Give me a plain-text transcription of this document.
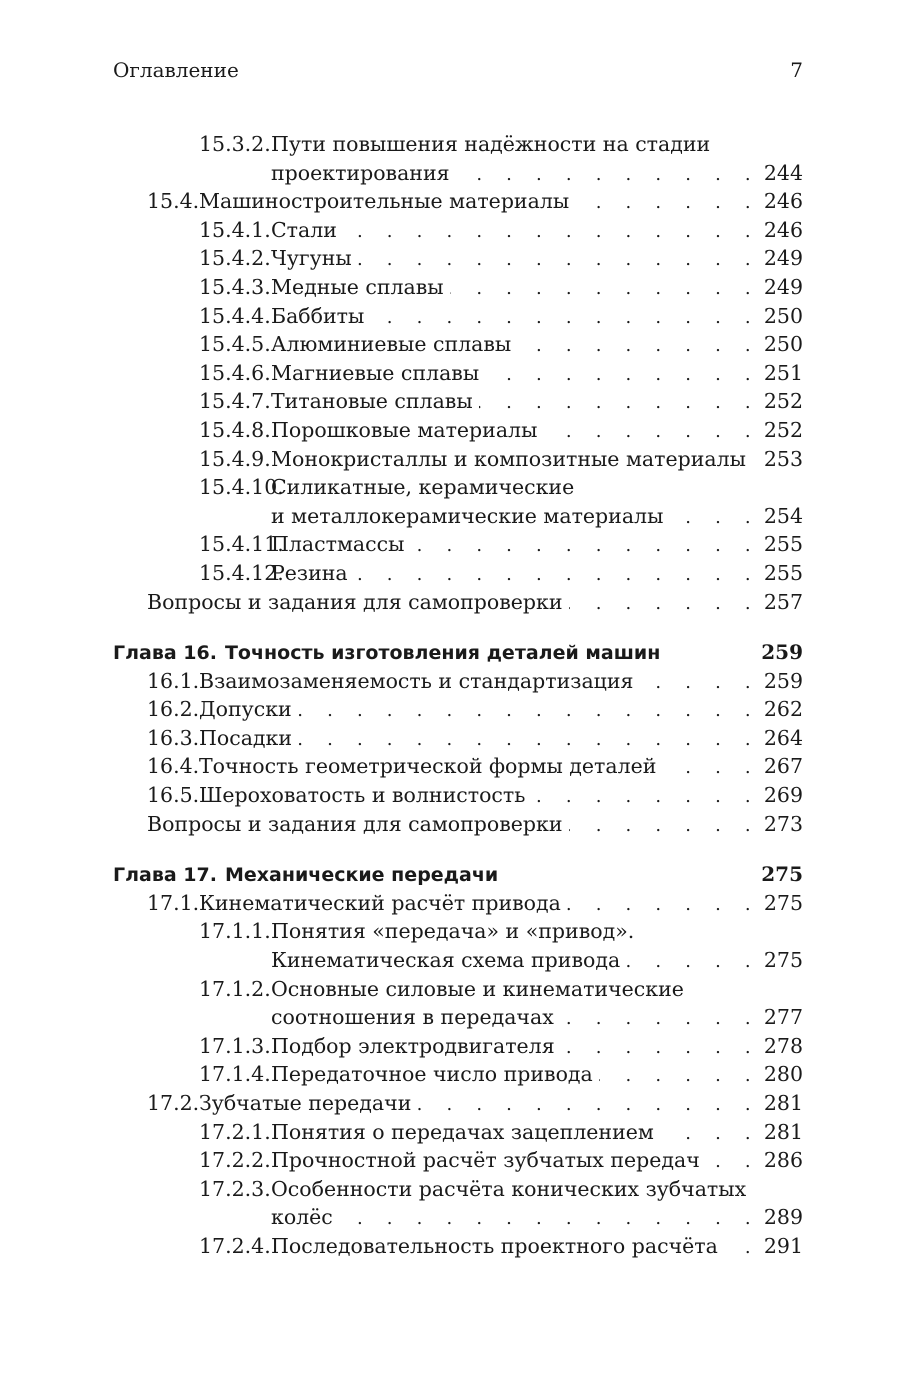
Оглавление	7
15.3.2.Пути повышения надёжности на стадии
проектирования . . .	244
15.4.Машиностроительные материалы . . .	246
15.4.1.Стали . . .	246
15.4.2.Чугуны . . .	249
15.4.3.Медные сплавы . . .	249
15.4.4.Баббиты . . .	250
15.4.5.Алюминиевые сплавы . . .	250
15.4.6.Магниевые сплавы . . .	251
15.4.7.Титановые сплавы . . .	252
15.4.8.Порошковые материалы . . .	252
15.4.9.Монокристаллы и композитные материалы . . . 253
15.4.10.Силикатные, керамические
и металлокерамические материалы . . .	254
15.4.11.Пластмассы . . .	255
15.4.12.Резина . . .	255
Вопросы и задания для самопроверки . . .	257
Глава 16. Точность изготовления деталей машин	259
16.1.Взаимозаменяемость и стандартизация . . .	259
16.2.Допуски . . .	262
16.3.Посадки . . .	264
16.4.Точность геометрической формы деталей . . .	267
16.5.Шероховатость и волнистость . . .	269
Вопросы и задания для самопроверки . . .	273
Глава 17. Механические передачи	275
17.1.Кинематический расчёт привода . . .	275
17.1.1.Понятия «передача» и «привод».
Кинематическая схема привода . . .	275
17.1.2.Основные силовые и кинематические
соотношения в передачах . . .	277
17.1.3.Подбор электродвигателя . . .	278
17.1.4.Передаточное число привода . . .	280
17.2.Зубчатые передачи . . .	281
17.2.1.Понятия о передачах зацеплением . . .	281
17.2.2.Прочностной расчёт зубчатых передач . . .	286
17.2.3.Особенности расчёта конических зубчатых
колёс . . .	289
17.2.4.Последовательность проектного расчёта . . . 291
